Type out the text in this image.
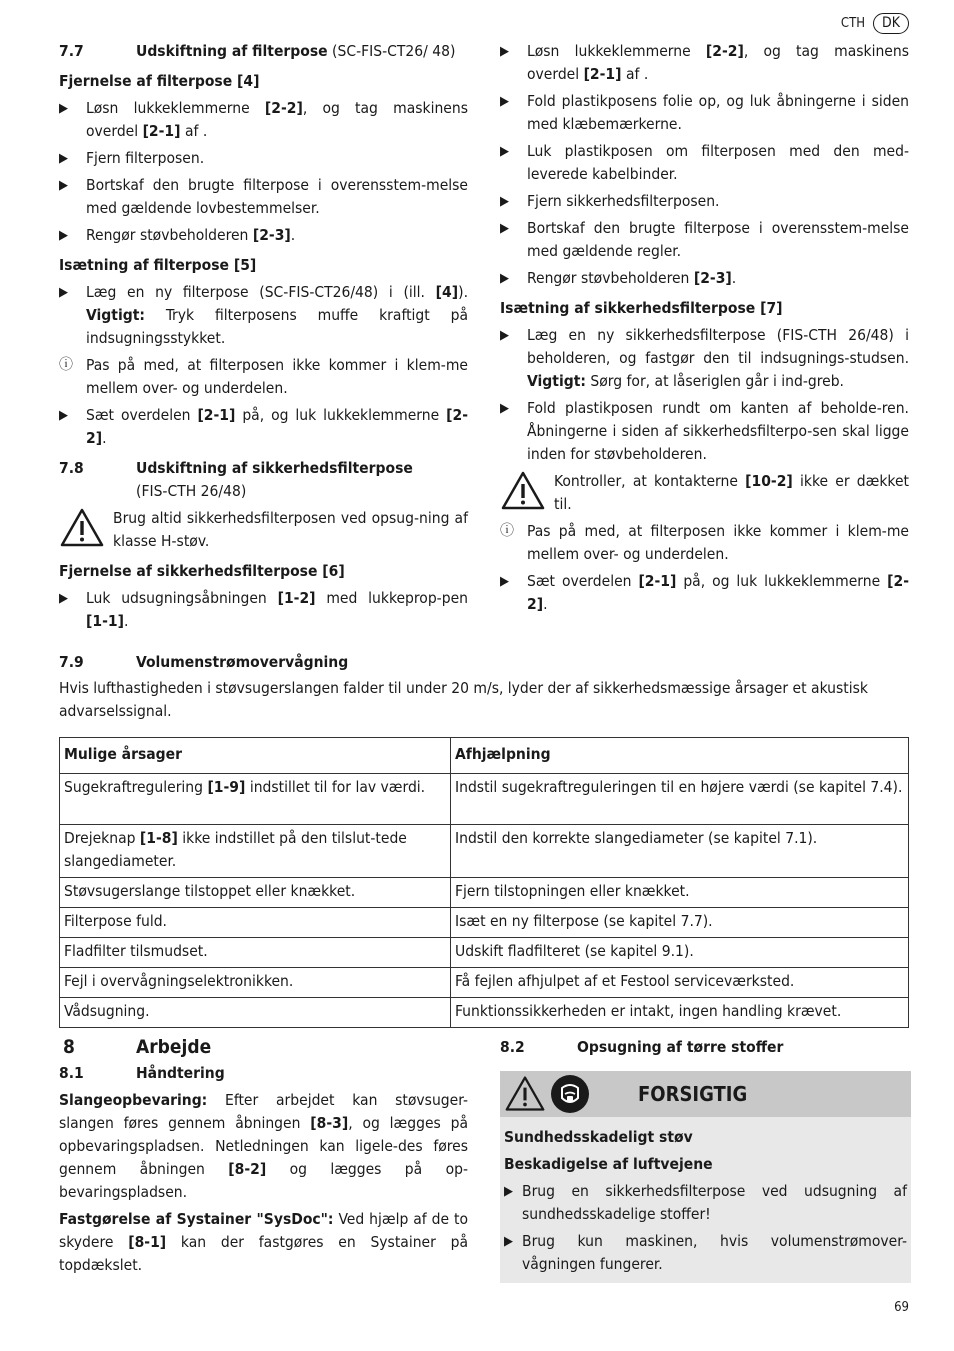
CTH	DK
7.7	Udskiftning af filterpose (SC-FIS-CT26/ 48)
Fjernelse af filterpose [4]
▶	Løsn lukkeklemmerne [2-2], og tag maskinens overdel [2-1] af .
▶	Fjern filterposen.
▶	Bortskaf den brugte filterpose i overensstem-melse med gældende lovbestemmelser.
▶	Rengør støvbeholderen [2-3].
Isætning af filterpose [5]
▶	Læg en ny filterpose (SC-FIS-CT26/48) i (ill. [4]). Vigtigt: Tryk filterposens muffe kraftigt på indsugningsstykket.
ⓘ Pas på med, at filterposen ikke kommer i klem-me mellem over- og underdelen.
▶	Sæt overdelen [2-1] på, og luk lukkeklemmerne [2-2].
7.8	Udskiftning af sikkerhedsfilterpose
(FIS-CTH 26/48)
Brug altid sikkerhedsfilterposen ved opsug-ning af klasse H-støv.
Fjernelse af sikkerhedsfilterpose [6]
▶	Luk udsugningsåbningen [1-2] med lukkeprop-pen [1-1].
▶	Løsn lukkeklemmerne [2-2], og tag maskinens overdel [2-1] af .
▶	Fold plastikposens folie op, og luk åbningerne i siden med klæbemærkerne.
▶	Luk plastikposen om filterposen med den med-leverede kabelbinder.
▶	Fjern sikkerhedsfilterposen.
▶	Bortskaf den brugte filterpose i overensstem-melse med gældende regler.
▶	Rengør støvbeholderen [2-3].
Isætning af sikkerhedsfilterpose [7]
▶	Læg en ny sikkerhedsfilterpose (FIS-CTH 26/48) i beholderen, og fastgør den til indsugnings-studsen. Vigtigt: Sørg for, at låseriglen går i ind-greb.
▶	Fold plastikposen rundt om kanten af beholde-ren. Åbningerne i siden af sikkerhedsfilterpo-sen skal ligge inden for støvbeholderen.
Kontroller, at kontakterne [10-2] ikke er dækket til.
ⓘ Pas på med, at filterposen ikke kommer i klem-me mellem over- og underdelen.
▶	Sæt overdelen [2-1] på, og luk lukkeklemmerne [2-2].
7.9	Volumenstrømovervågning
Hvis lufthastigheden i støvsugerslangen falder til under 20 m/s, lyder der af sikkerhedsmæssige årsager et akustisk advarselssignal.
Mulige årsager	Afhjælpning
Sugekraftregulering [1-9] indstillet til for lav værdi.	Indstil sugekraftreguleringen til en højere værdi (se kapitel 7.4).
Drejeknap [1-8] ikke indstillet på den tilslut-tede slangediameter.	Indstil den korrekte slangediameter (se kapitel 7.1).
Støvsugerslange tilstoppet eller knækket.	Fjern tilstopningen eller knækket.
Filterpose fuld.	Isæt en ny filterpose (se kapitel 7.7).
Fladfilter tilsmudset.	Udskift fladfilteret (se kapitel 9.1).
Fejl i overvågningselektronikken.	Få fejlen afhjulpet af et Festool serviceværksted.
Vådsugning.	Funktionssikkerheden er intakt, ingen handling krævet.
8	Arbejde
8.1	Håndtering
Slangeopbevaring: Efter arbejdet kan støvsuger-slangen føres gennem åbningen [8-3], og lægges på opbevaringspladsen. Netledningen kan ligele-des føres gennem åbningen [8-2] og lægges på op-bevaringspladsen.
Fastgørelse af Systainer "SysDoc": Ved hjælp af de to skydere [8-1] kan der fastgøres en Systainer på topdækslet.
8.2	Opsugning af tørre stoffer
FORSIGTIG
Sundhedsskadeligt støv
Beskadigelse af luftvejene
▶ Brug en sikkerhedsfilterpose ved udsugning af sundhedsskadelige stoffer!
▶ Brug kun maskinen, hvis volumenstrømover-vågningen fungerer.
69
